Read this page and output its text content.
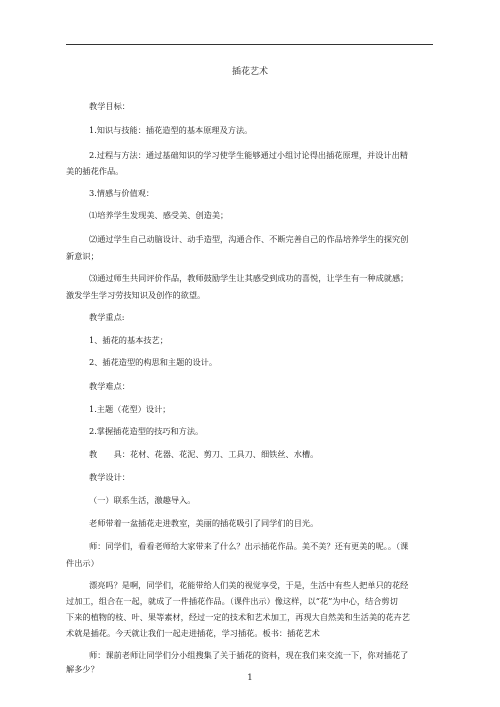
插花艺术
教学目标：
1.知识与技能：插花造型的基本原理及方法。
2.过程与方法：通过基础知识的学习使学生能够通过小组讨论得出插花原理，并设计出精
美的插花作品。
3.情感与价值观：
⑴培养学生发现美、感受美、创造美；
⑵通过学生自己动脑设计、动手造型，沟通合作、不断完善自己的作品培养学生的探究创
新意识；
⑶通过师生共同评价作品，教师鼓励学生让其感受到成功的喜悦，让学生有一种成就感；
激发学生学习劳技知识及创作的欲望。
教学重点:
1、插花的基本技艺；
2、插花造型的构思和主题的设计。
教学难点：
1.主题（花型）设计；
2.掌握插花造型的技巧和方法。
教　　具：花材、花器、花泥、剪刀、工具刀、细铁丝、水槽。
教学设计：
（一）联系生活，激趣导入。
老师带着一盆插花走进教室，美丽的插花吸引了同学们的目光。
师：同学们，看看老师给大家带来了什么？出示插花作品。美不美？还有更美的呢。。（课
件出示）
漂亮吗？是啊，同学们，花能带给人们美的视觉享受，于是，生活中有些人把单只的花经
过加工，组合在一起，就成了一件插花作品。（课件出示）像这样，以“花”为中心，结合剪切
下来的植物的枝、叶、果等素材，经过一定的技术和艺术加工，再现大自然美和生活美的花卉艺
术就是插花。今天就让我们一起走进插花，学习插花。板书：插花艺术
师：课前老师让同学们分小组搜集了关于插花的资料，现在我们来交流一下，你对插花了
解多少？
1
